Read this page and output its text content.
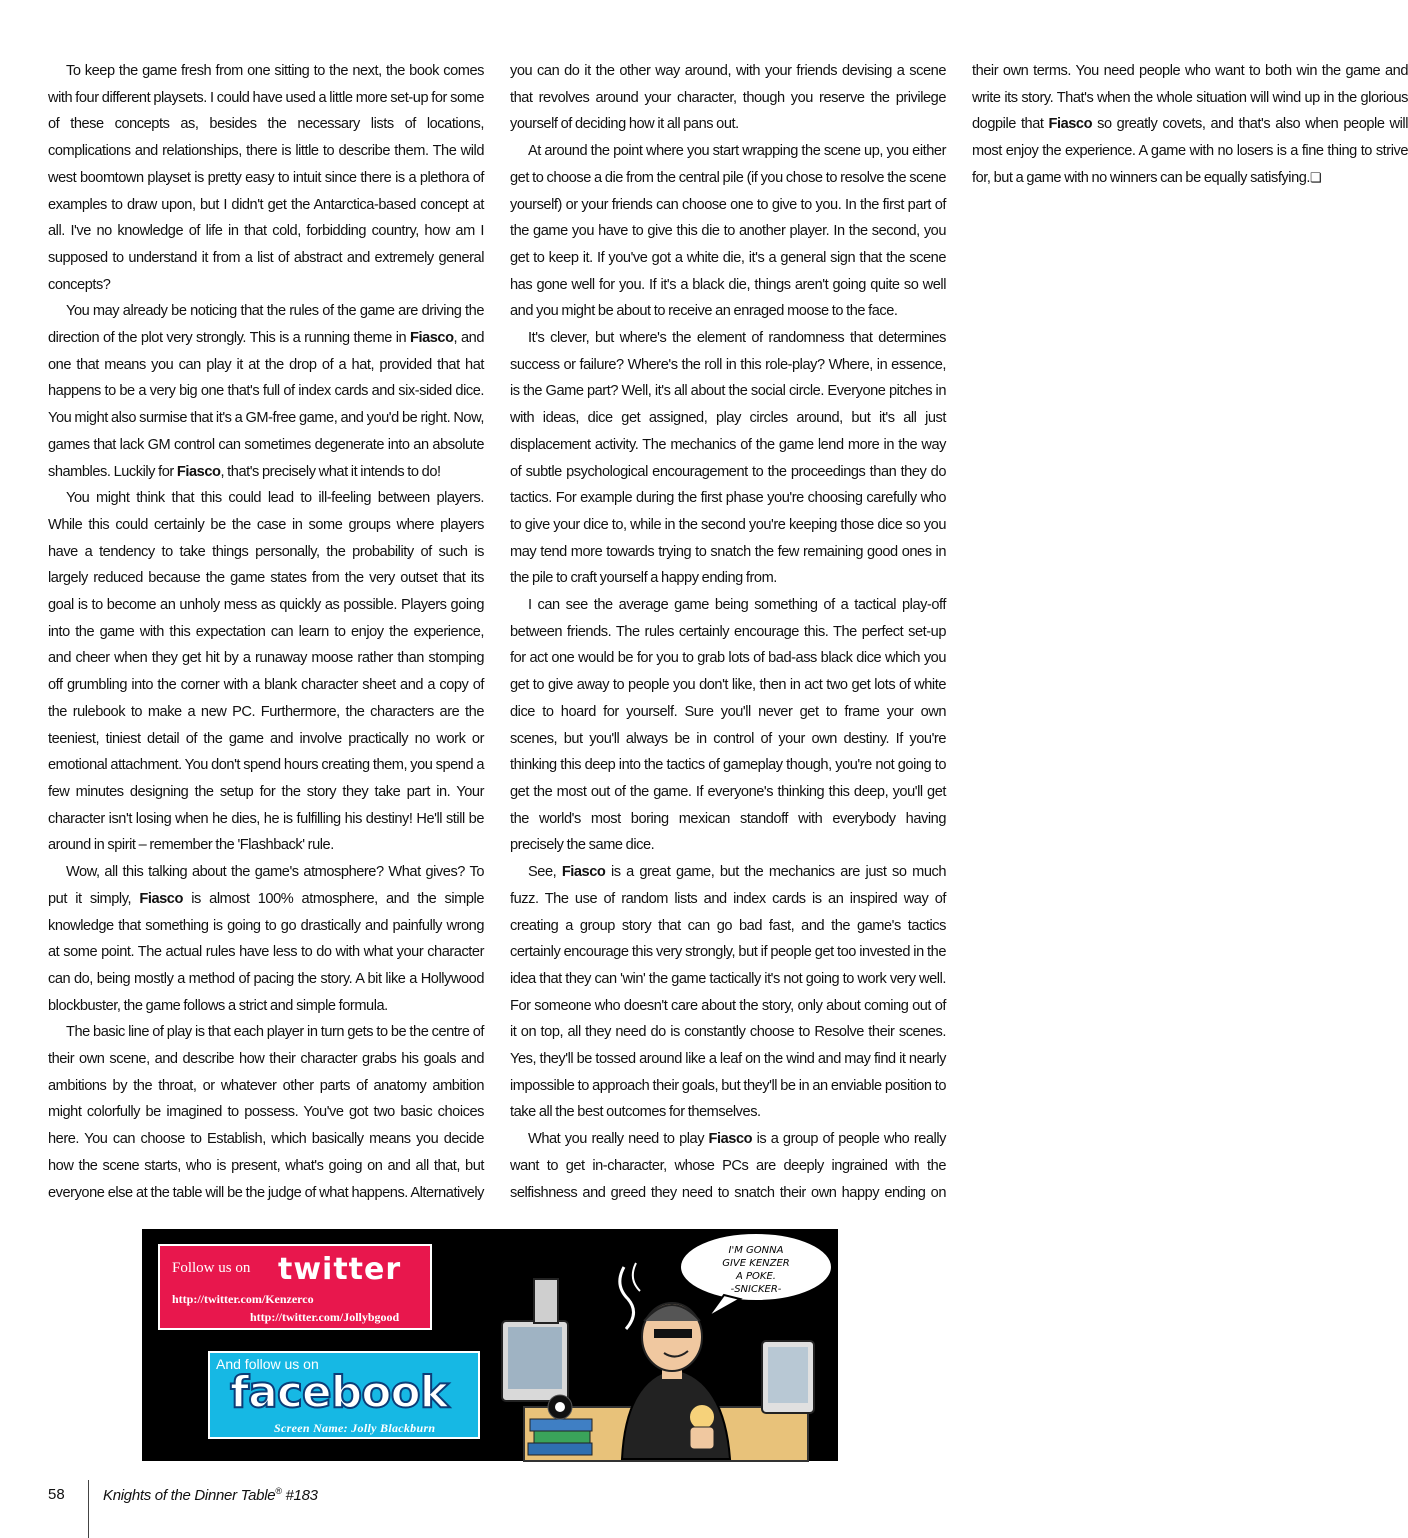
To keep the game fresh from one sitting to the next, the book comes with four different playsets. I could have used a little more set-up for some of these concepts as, besides the necessary lists of locations, complications and relationships, there is little to describe them. The wild west boomtown playset is pretty easy to intuit since there is a plethora of examples to draw upon, but I didn't get the Antarctica-based concept at all. I've no knowledge of life in that cold, forbidding country, how am I supposed to understand it from a list of abstract and extremely general concepts?

You may already be noticing that the rules of the game are driving the direction of the plot very strongly. This is a running theme in Fiasco, and one that means you can play it at the drop of a hat, provided that hat happens to be a very big one that's full of index cards and six-sided dice. You might also surmise that it's a GM-free game, and you'd be right. Now, games that lack GM control can sometimes degenerate into an absolute shambles. Luckily for Fiasco, that's precisely what it intends to do!

You might think that this could lead to ill-feeling between players. While this could certainly be the case in some groups where players have a tendency to take things personally, the probability of such is largely reduced because the game states from the very outset that its goal is to become an unholy mess as quickly as possible. Players going into the game with this expectation can learn to enjoy the experience, and cheer when they get hit by a runaway moose rather than stomping off grumbling into the corner with a blank character sheet and a copy of the rulebook to make a new PC. Furthermore, the characters are the teeniest, tiniest detail of the game and involve practically no work or emotional attachment. You don't spend hours creating them, you spend a few minutes designing the setup for the story they take part in. Your character isn't losing when he dies, he is fulfilling his destiny! He'll still be around in spirit – remember the 'Flashback' rule.

Wow, all this talking about the game's atmosphere? What gives? To put it simply, Fiasco is almost 100% atmosphere, and the simple knowledge that something is going to go drastically and painfully wrong at some point. The actual rules have less to do with what your character can do, being mostly a method of pacing the story. A bit like a Hollywood blockbuster, the game follows a strict and simple formula.

The basic line of play is that each player in turn gets to be the centre of their own scene, and describe how their character grabs his goals and ambitions by the throat, or whatever other parts of anatomy ambition might colorfully be imagined to possess. You've got two basic choices here. You can choose to Establish, which basically means you decide how the scene starts, who is present, what's going on and all that, but everyone else at the table will be the judge of what happens. Alternatively you can do it the other way around, with your friends devising a scene that revolves around your character, though you reserve the privilege yourself of deciding how it all pans out.

At around the point where you start wrapping the scene up, you either get to choose a die from the central pile (if you chose to resolve the scene yourself) or your friends can choose one to give to you. In the first part of the game you have to give this die to another player. In the second, you get to keep it. If you've got a white die, it's a general sign that the scene has gone well for you. If it's a black die, things aren't going quite so well and you might be about to receive an enraged moose to the face.

It's clever, but where's the element of randomness that determines success or failure? Where's the roll in this role-play? Where, in essence, is the Game part? Well, it's all about the social circle. Everyone pitches in with ideas, dice get assigned, play circles around, but it's all just displacement activity. The mechanics of the game lend more in the way of subtle psychological encouragement to the proceedings than they do tactics. For example during the first phase you're choosing carefully who to give your dice to, while in the second you're keeping those dice so you may tend more towards trying to snatch the few remaining good ones in the pile to craft yourself a happy ending from.

I can see the average game being something of a tactical play-off between friends. The rules certainly encourage this. The perfect set-up for act one would be for you to grab lots of bad-ass black dice which you get to give away to people you don't like, then in act two get lots of white dice to hoard for yourself. Sure you'll never get to frame your own scenes, but you'll always be in control of your own destiny. If you're thinking this deep into the tactics of gameplay though, you're not going to get the most out of the game. If everyone's thinking this deep, you'll get the world's most boring mexican standoff with everybody having precisely the same dice.

See, Fiasco is a great game, but the mechanics are just so much fuzz. The use of random lists and index cards is an inspired way of creating a group story that can go bad fast, and the game's tactics certainly encourage this very strongly, but if people get too invested in the idea that they can 'win' the game tactically it's not going to work very well. For someone who doesn't care about the story, only about coming out of it on top, all they need do is constantly choose to Resolve their scenes. Yes, they'll be tossed around like a leaf on the wind and may find it nearly impossible to approach their goals, but they'll be in an enviable position to take all the best outcomes for themselves.

What you really need to play Fiasco is a group of people who really want to get in-character, whose PCs are deeply ingrained with the selfishness and greed they need to snatch their own happy ending on their own terms. You need people who want to both win the game and write its story. That's when the whole situation will wind up in the glorious dogpile that Fiasco so greatly covets, and that's also when people will most enjoy the experience. A game with no losers is a fine thing to strive for, but a game with no winners can be equally satisfying.❏

Follow us on twitter
http://twitter.com/Kenzerco
http://twitter.com/Jollybgood
And follow us on
facebook
Screen Name: Jolly Blackburn
I'M GONNA
GIVE KENZER
A POKE.
-SNICKER-
58	Knights of the Dinner Table® #183
